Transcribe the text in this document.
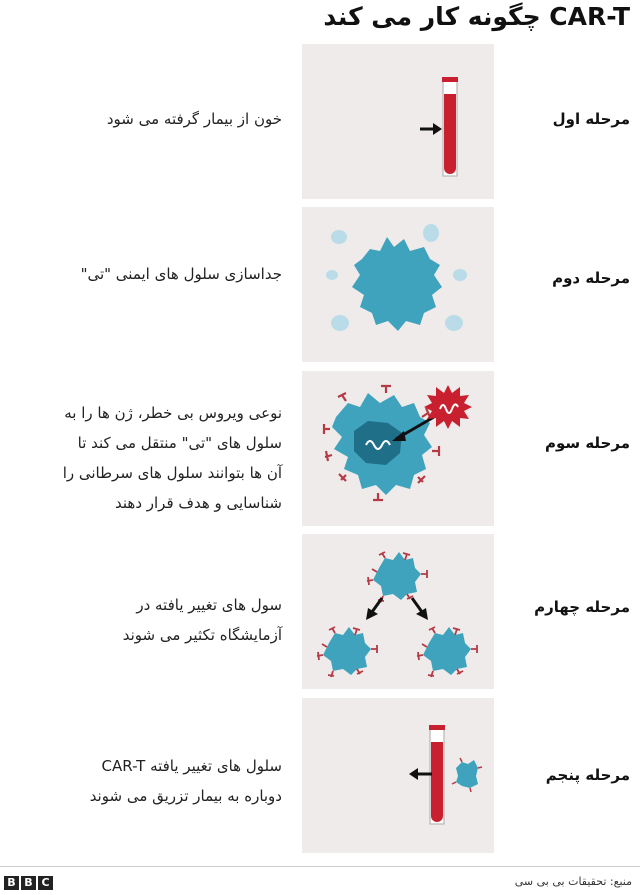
CAR-T چگونه کار می کند
مرحله اول
خون از بیمار گرفته می شود
مرحله دوم
جداسازی سلول های ایمنی "تی"
مرحله سوم
نوعی ویروس بی خطر، ژن ها را به
سلول های "تی" منتقل می کند تا
آن ها بتوانند سلول های سرطانی را
شناسایی و هدف قرار دهند
مرحله چهارم
سول های تغییر یافته در
آزمایشگاه تکثیر می شوند
مرحله پنجم
سلول های تغییر یافته CAR-T
دوباره به بیمار تزریق می شوند
B B C	منبع: تحقیقات بی بی سی
